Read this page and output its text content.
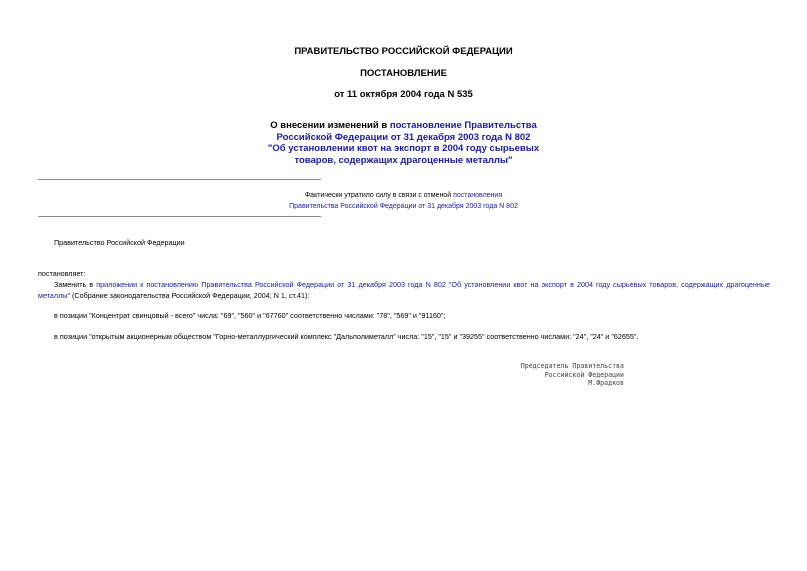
ПРАВИТЕЛЬСТВО РОССИЙСКОЙ ФЕДЕРАЦИИ
ПОСТАНОВЛЕНИЕ
от 11 октября 2004 года N 535
О внесении изменений в постановление Правительства
Российской Федерации от 31 декабря 2003 года N 802
"Об установлении квот на экспорт в 2004 году сырьевых
товаров, содержащих драгоценные металлы"
Фактически утратило силу в связи с отменой постановления
Правительства Российской Федерации от 31 декабря 2003 года N 802
Правительство Российской Федерации
постановляет:
Заменить в приложении к постановлению Правительства Российской Федерации от 31 декабря 2003 года N 802 "Об установлении квот на экспорт в 2004 году сырьевых товаров, содержащих драгоценные
металлы" (Собрание законодательства Российской Федерации, 2004, N 1, ст.41):
в позиции "Концентрат свинцовый - всего" числа: "69", "560" и "67760" соответственно числами: "78", "569" и "91160";
в позиции "открытым акционерным обществом "Горно-металлургический комплекс "Дальполиметалл" числа: "15", "15" и "39255" соответственно числами: "24", "24" и "62655".
Председатель Правительства
Российской Федерации
М.Фрадков
